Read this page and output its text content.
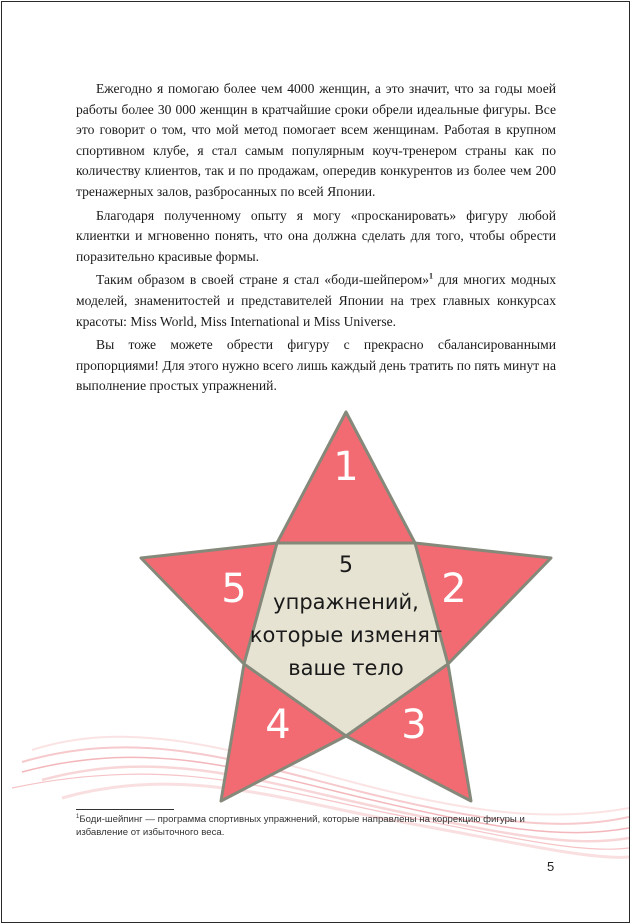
Ежегодно я помогаю более чем 4000 женщин, а это значит, что за годы моей работы более 30 000 женщин в кратчайшие сроки обрели идеальные фигуры. Все это говорит о том, что мой метод помогает всем женщинам. Работая в крупном спортивном клубе, я стал самым популярным коуч-тренером страны как по количеству клиентов, так и по продажам, опередив конкурентов из более чем 200 тренажерных залов, разбросанных по всей Японии.

Благодаря полученному опыту я могу «просканировать» фигуру любой клиентки и мгновенно понять, что она должна сделать для того, чтобы обрести поразительно красивые формы.

Таким образом в своей стране я стал «боди-шейпером»$^1$ для многих модных моделей, знаменитостей и представителей Японии на трех главных конкурсах красоты: Miss World, Miss International и Miss Universe.

Вы тоже можете обрести фигуру с прекрасно сбалансированными пропорциями! Для этого нужно всего лишь каждый день тратить по пять минут на выполнение простых упражнений.

1
2
3
4
5
5
упражнений,
которые изменят
ваше тело
$^1$Боди-шейпинг — программа спортивных упражнений, которые направлены на коррекцию фигуры и избавление от избыточного веса.
5
